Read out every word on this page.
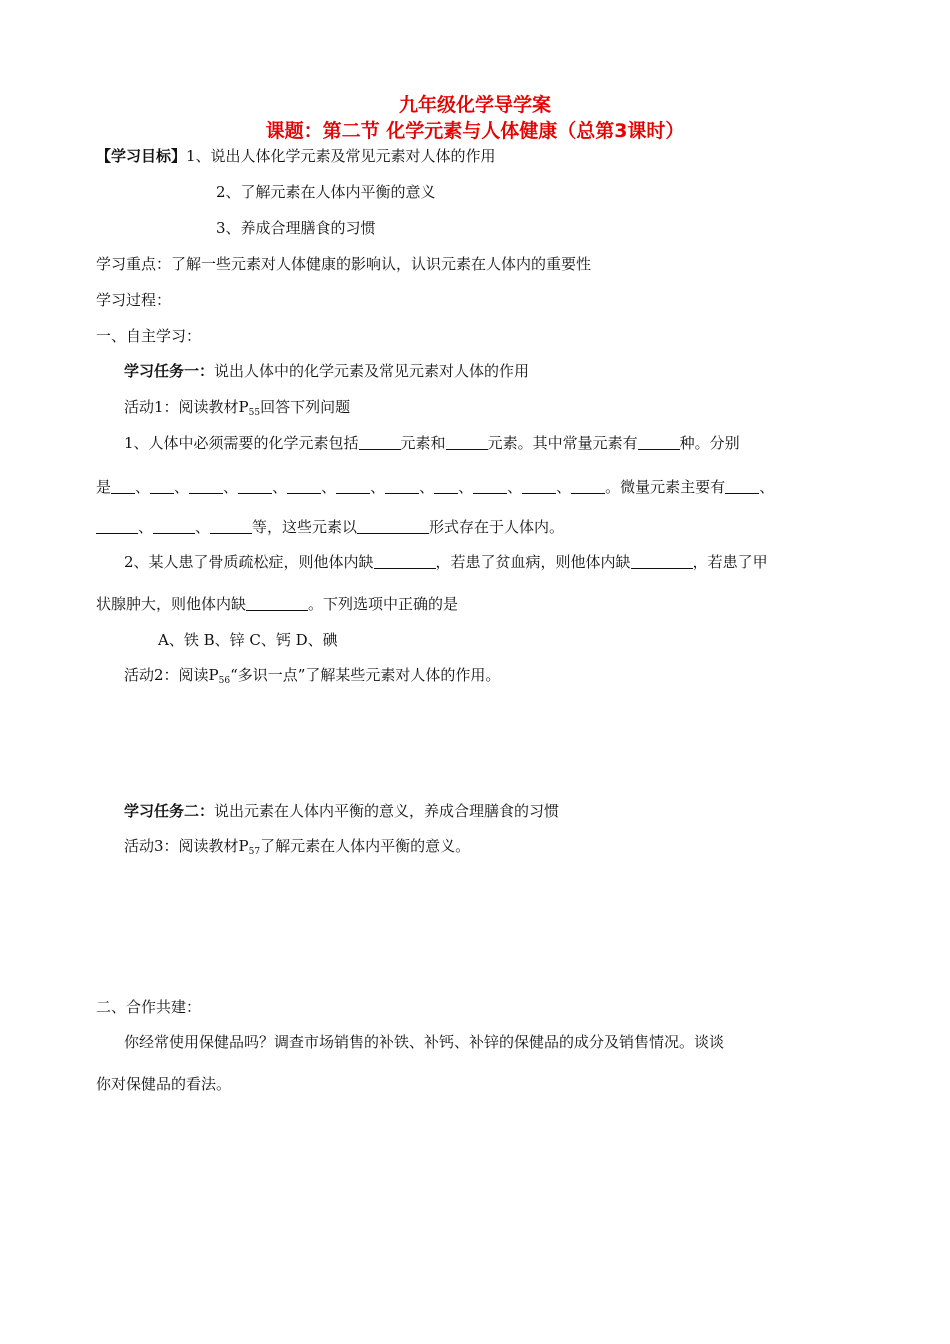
九年级化学导学案
课题：第二节 化学元素与人体健康（总第3课时）
【学习目标】1、说出人体化学元素及常见元素对人体的作用
2、了解元素在人体内平衡的意义
3、养成合理膳食的习惯
学习重点：了解一些元素对人体健康的影响认，认识元素在人体内的重要性
学习过程：
一、自主学习：
学习任务一：说出人体中的化学元素及常见元素对人体的作用
活动1：阅读教材$P_{55}$回答下列问题
1、人体中必须需要的化学元素包括	元素和	元素。其中常量元素有	种。分别
是 、 、 、 、 、 、 、 、 、 、 。微量元素主要有 、
、	、	等，这些元素以	形式存在于人体内。
2、某人患了骨质疏松症，则他体内缺	，若患了贫血病，则他体内缺	，若患了甲
状腺肿大，则他体内缺	。下列选项中正确的是
A、铁 B、锌 C、钙 D、碘
活动2：阅读$P_{56}“$多识一点”了解某些元素对人体的作用。
学习任务二：说出元素在人体内平衡的意义，养成合理膳食的习惯
活动3：阅读教材$P_{57}$了解元素在人体内平衡的意义。
二、合作共建：
你经常使用保健品吗？调查市场销售的补铁、补钙、补锌的保健品的成分及销售情况。谈谈
你对保健品的看法。
